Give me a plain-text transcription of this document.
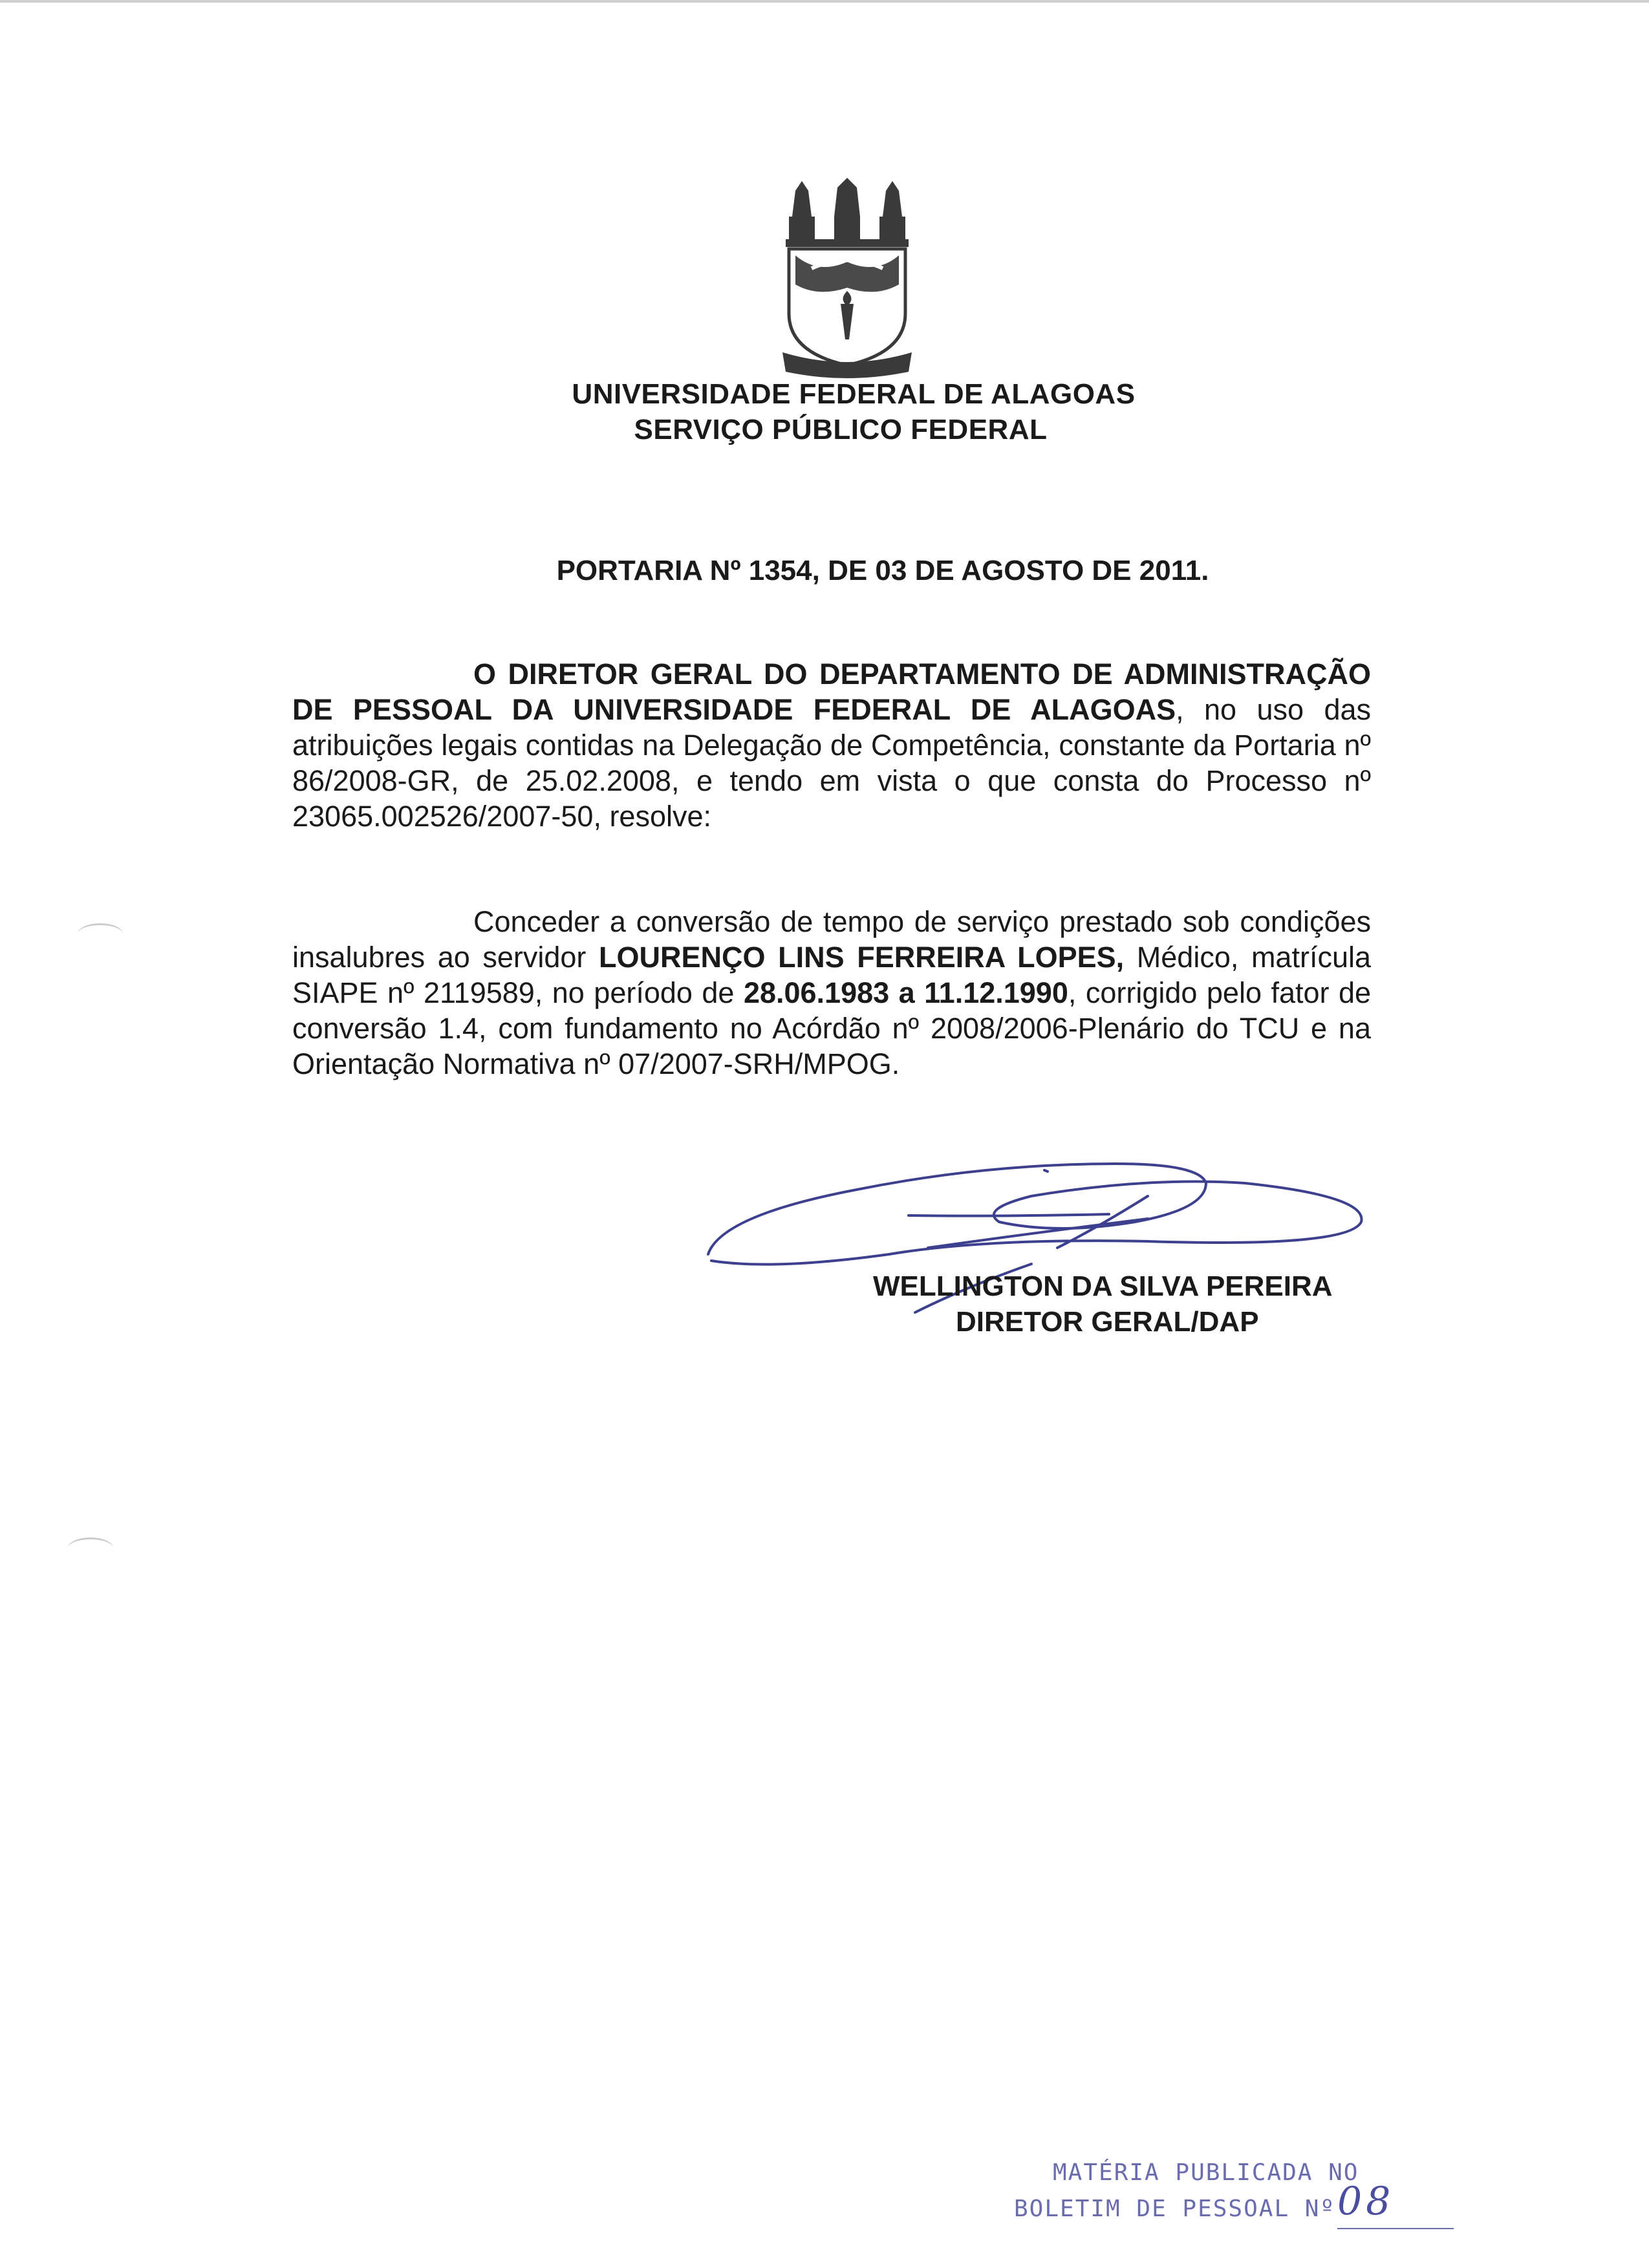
UNIVERSIDADE FEDERAL DE ALAGOAS
SERVIÇO PÚBLICO FEDERAL
PORTARIA Nº 1354, DE 03 DE AGOSTO DE 2011.
O DIRETOR GERAL DO DEPARTAMENTO DE ADMINISTRAÇÃO DE PESSOAL DA UNIVERSIDADE FEDERAL DE ALAGOAS, no uso das atribuições legais contidas na Delegação de Competência, constante da Portaria nº 86/2008-GR, de 25.02.2008, e tendo em vista o que consta do Processo nº 23065.002526/2007-50, resolve:
Conceder a conversão de tempo de serviço prestado sob condições insalubres ao servidor LOURENÇO LINS FERREIRA LOPES, Médico, matrícula SIAPE nº 2119589, no período de 28.06.1983 a 11.12.1990, corrigido pelo fator de conversão 1.4, com fundamento no Acórdão nº 2008/2006-Plenário do TCU e na Orientação Normativa nº 07/2007-SRH/MPOG.
WELLINGTON DA SILVA PEREIRA
DIRETOR GERAL/DAP
MATÉRIA PUBLICADA NO
BOLETIM DE PESSOAL Nº 08
